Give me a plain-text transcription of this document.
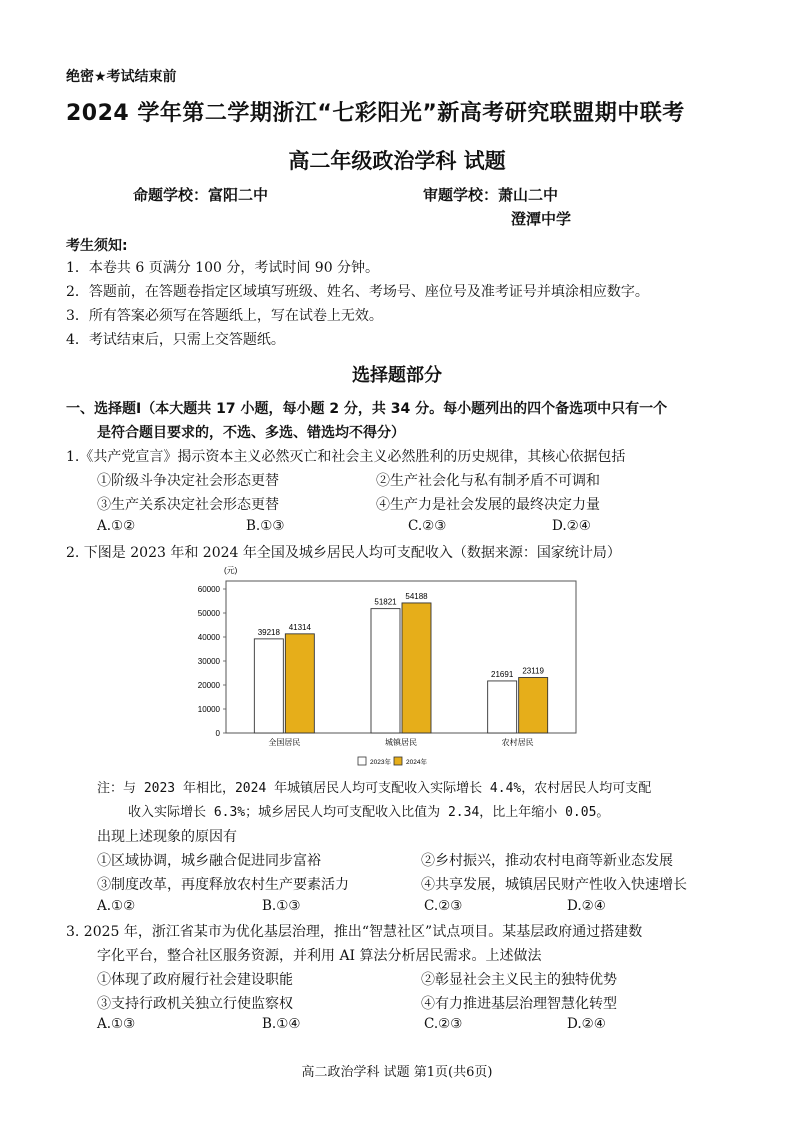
绝密★考试结束前
2024 学年第二学期浙江“七彩阳光”新高考研究联盟期中联考
高二年级政治学科 试题
命题学校：富阳二中	审题学校：萧山二中
澄潭中学
考生须知:
1．本卷共 6 页满分 100 分，考试时间 90 分钟。
2．答题前，在答题卷指定区域填写班级、姓名、考场号、座位号及准考证号并填涂相应数字。
3．所有答案必须写在答题纸上，写在试卷上无效。
4．考试结束后，只需上交答题纸。
选择题部分
一、选择题Ⅰ（本大题共 17 小题，每小题 2 分，共 34 分。每小题列出的四个备选项中只有一个
是符合题目要求的，不选、多选、错选均不得分）
1.《共产党宣言》揭示资本主义必然灭亡和社会主义必然胜利的历史规律，其核心依据包括
①阶级斗争决定社会形态更替	②生产社会化与私有制矛盾不可调和
③生产关系决定社会形态更替	④生产力是社会发展的最终决定力量
A.①②	B.①③	C.②③	D.②④
2. 下图是 2023 年和 2024 年全国及城乡居民人均可支配收入（数据来源：国家统计局）
(元)
0
10000
20000
30000
40000
50000
60000
39218
41314
51821
54188
21691 23119
全国居民	城镇居民	农村居民
2023年 2024年
注：与 2023 年相比，2024 年城镇居民人均可支配收入实际增长 4.4%，农村居民人均可支配
收入实际增长 6.3%；城乡居民人均可支配收入比值为 2.34，比上年缩小 0.05。
出现上述现象的原因有
①区域协调，城乡融合促进同步富裕	②乡村振兴，推动农村电商等新业态发展
③制度改革，再度释放农村生产要素活力	④共享发展，城镇居民财产性收入快速增长
A.①②	B.①③	C.②③	D.②④
3. 2025 年，浙江省某市为优化基层治理，推出“智慧社区”试点项目。某基层政府通过搭建数
字化平台，整合社区服务资源，并利用 AI 算法分析居民需求。上述做法
①体现了政府履行社会建设职能	②彰显社会主义民主的独特优势
③支持行政机关独立行使监察权	④有力推进基层治理智慧化转型
A.①③	B.①④	C.②③	D.②④
高二政治学科 试题 第1页(共6页)
